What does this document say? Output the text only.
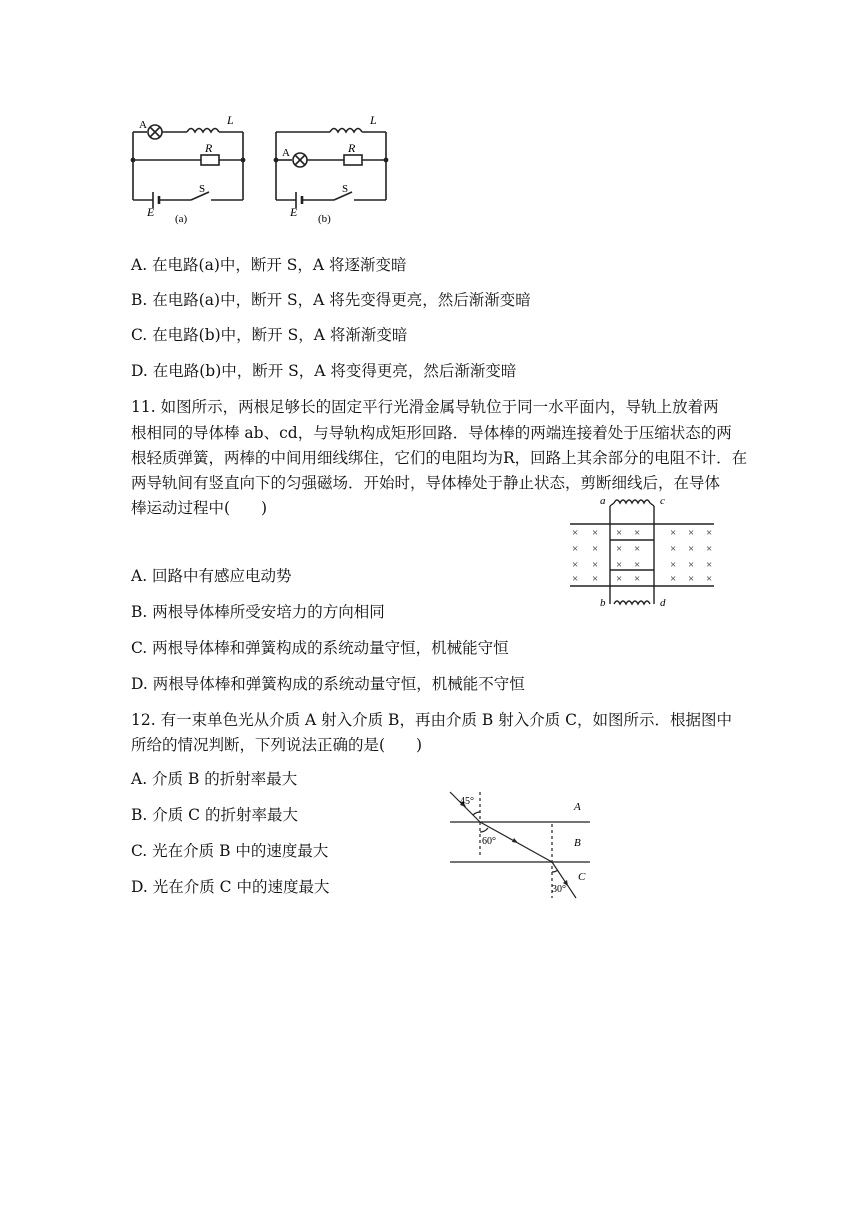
A	L
R
S
E (a)
A
L
R
S
E (b)
A. 在电路(a)中，断开 S，A 将逐渐变暗
B. 在电路(a)中，断开 S，A 将先变得更亮，然后渐渐变暗
C. 在电路(b)中，断开 S，A 将渐渐变暗
D. 在电路(b)中，断开 S，A 将变得更亮，然后渐渐变暗
11. 如图所示，两根足够长的固定平行光滑金属导轨位于同一水平面内，导轨上放着两
根相同的导体棒 ab、cd，与导轨构成矩形回路．导体棒的两端连接着处于压缩状态的两
根轻质弹簧，两棒的中间用细线绑住，它们的电阻均为R，回路上其余部分的电阻不计．在
两导轨间有竖直向下的匀强磁场．开始时，导体棒处于静止状态，剪断细线后，在导体
棒运动过程中(　　)
× × × ×	× × ×
× × × ×	× × ×
× × × ×	× × ×
× × × ×	× × ×
a	c
b	d
A. 回路中有感应电动势
B. 两根导体棒所受安培力的方向相同
C. 两根导体棒和弹簧构成的系统动量守恒，机械能守恒
D. 两根导体棒和弹簧构成的系统动量守恒，机械能不守恒
12. 有一束单色光从介质 A 射入介质 B，再由介质 B 射入介质 C，如图所示．根据图中
所给的情况判断，下列说法正确的是(　　)
A. 介质 B 的折射率最大
B. 介质 C 的折射率最大
C. 光在介质 B 中的速度最大
D. 光在介质 C 中的速度最大
45°
60°
30°
A
B
C
